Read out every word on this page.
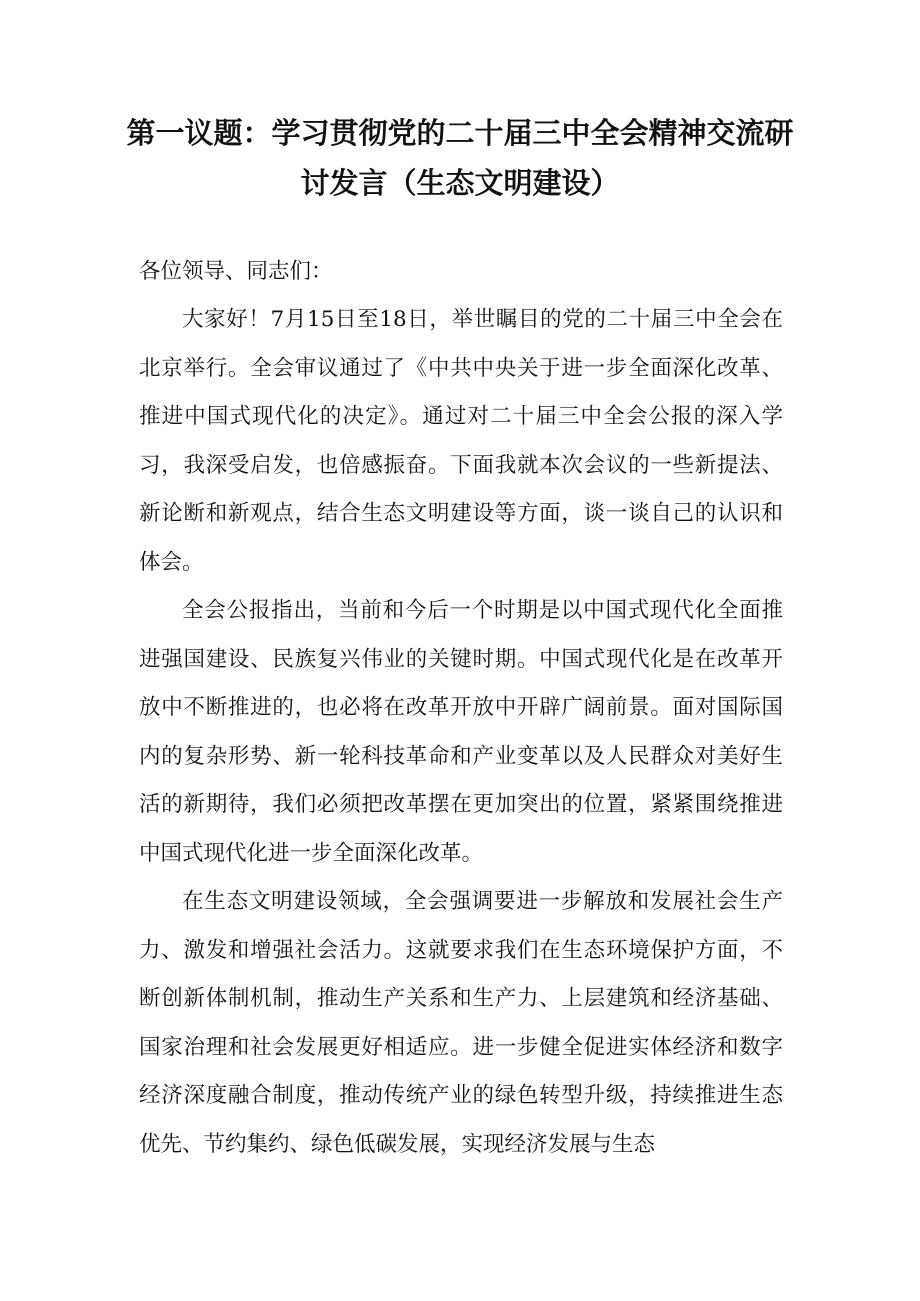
第一议题：学习贯彻党的二十届三中全会精神交流研讨发言（生态文明建设）
各位领导、同志们：
大家好！7月15日至18日，举世瞩目的党的二十届三中全会在北京举行。全会审议通过了《中共中央关于进一步全面深化改革、推进中国式现代化的决定》。通过对二十届三中全会公报的深入学习，我深受启发，也倍感振奋。下面我就本次会议的一些新提法、新论断和新观点，结合生态文明建设等方面，谈一谈自己的认识和体会。
全会公报指出，当前和今后一个时期是以中国式现代化全面推进强国建设、民族复兴伟业的关键时期。中国式现代化是在改革开放中不断推进的，也必将在改革开放中开辟广阔前景。面对国际国内的复杂形势、新一轮科技革命和产业变革以及人民群众对美好生活的新期待，我们必须把改革摆在更加突出的位置，紧紧围绕推进中国式现代化进一步全面深化改革。
在生态文明建设领域，全会强调要进一步解放和发展社会生产力、激发和增强社会活力。这就要求我们在生态环境保护方面，不断创新体制机制，推动生产关系和生产力、上层建筑和经济基础、国家治理和社会发展更好相适应。进一步健全促进实体经济和数字经济深度融合制度，推动传统产业的绿色转型升级，持续推进生态优先、节约集约、绿色低碳发展，实现经济发展与生态
